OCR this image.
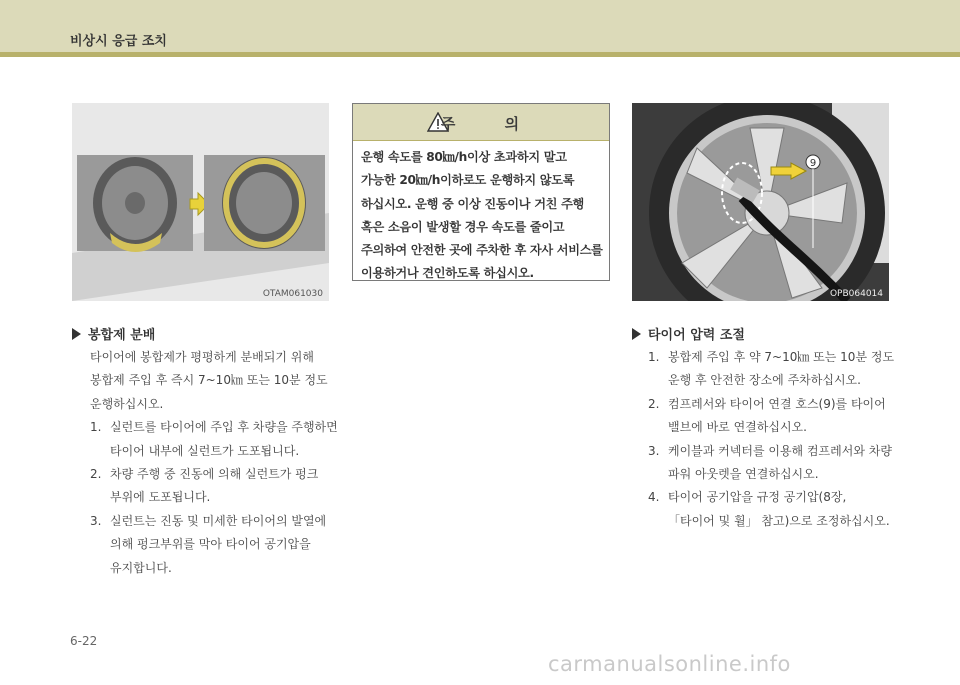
비상시 응급 조치
OTAM061030
주 의
운행 속도를 80㎞/h이상 초과하지 말고 가능한 20㎞/h이하로도 운행하지 않도록 하십시오. 운행 중 이상 진동이나 거친 주행 혹은 소음이 발생할 경우 속도를 줄이고 주의하여 안전한 곳에 주차한 후 자사 서비스를 이용하거나 견인하도록 하십시오.
9
OPB064014
봉합제 분배

타이어에 봉합제가 평평하게 분배되기 위해 봉합제 주입 후 즉시 7~10㎞ 또는 10분 정도 운행하십시오.

1. 실런트를 타이어에 주입 후 차량을 주행하면 타이어 내부에 실런트가 도포됩니다.
2. 차량 주행 중 진동에 의해 실런트가 펑크 부위에 도포됩니다.
3. 실런트는 진동 및 미세한 타이어의 발열에 의해 펑크부위를 막아 타이어 공기압을 유지합니다.
타이어 압력 조절
1. 봉합제 주입 후 약 7~10㎞ 또는 10분 정도 운행 후 안전한 장소에 주차하십시오.
2. 컴프레서와 타이어 연결 호스(9)를 타이어 밸브에 바로 연결하십시오.
3. 케이블과 커넥터를 이용해 컴프레서와 차량 파워 아웃렛을 연결하십시오.
4. 타이어 공기압을 규정 공기압(8장, 「타이어 및 휠」 참고)으로 조정하십시오.
6-22
carmanualsonline.info
